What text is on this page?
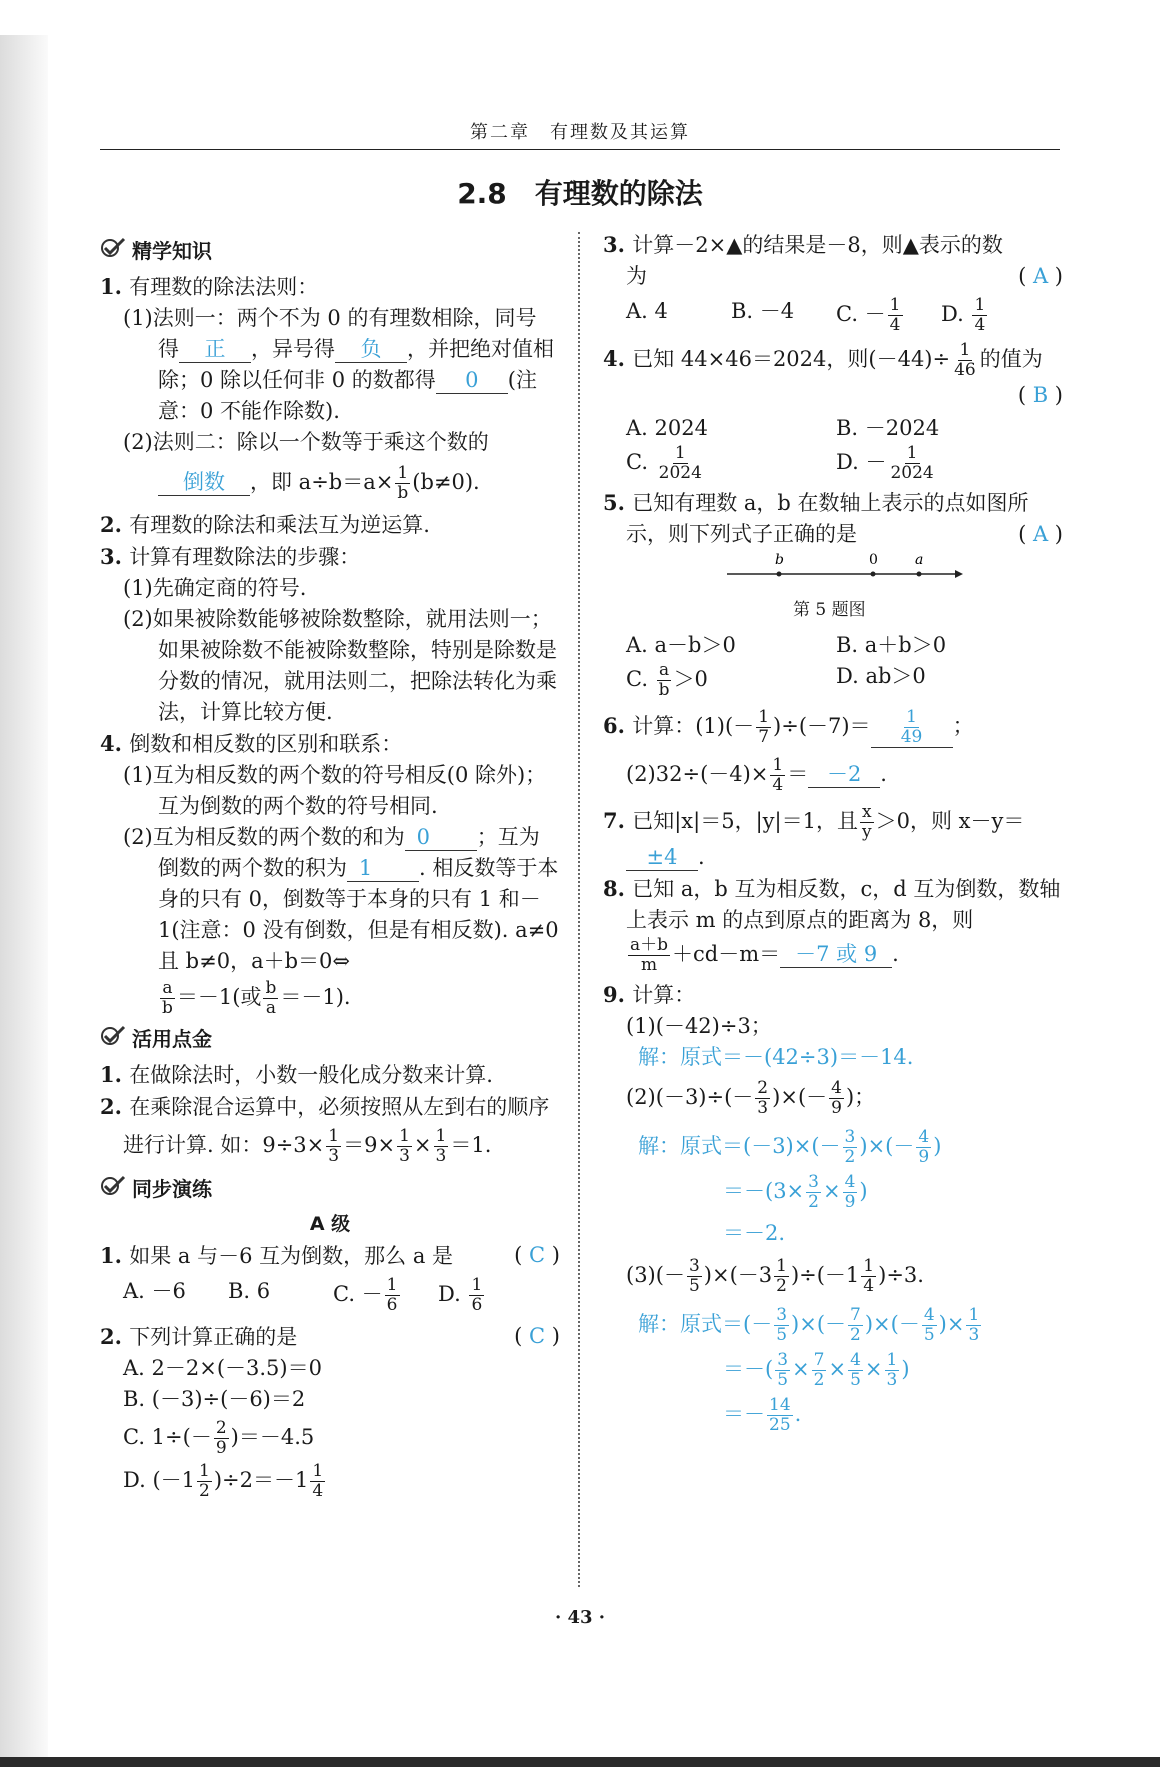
第二章　有理数及其运算
2.8　有理数的除法
· 43 ·
精学知识

1. 有理数的除法法则：

(1)法则一：两个不为 0 的有理数相除，同号

得 正 ，异号得 负 ，并把绝对值相

除；0 除以任何非 0 的数都得 0 (注

意：0 不能作除数).

(2)法则二：除以一个数等于乘这个数的

倒数 ，即 $a\div b=a\times \frac{1}{b} (b\ne 0)$.

2. 有理数的除法和乘法互为逆运算.

3. 计算有理数除法的步骤：

(1)先确定商的符号.

(2)如果被除数能够被除数整除，就用法则一；如果被除数不能被除数整除，特别是除数是分数的情况，就用法则二，把除法转化为乘法，计算比较方便.

4. 倒数和相反数的区别和联系：

(1)互为相反数的两个数的符号相反(0 除外)；互为倒数的两个数的符号相同.

(2)互为相反数的两个数的和为 0 ；互为倒数的两个数的积为 1 . 相反数等于本身的只有 0，倒数等于本身的只有 1 和－1(注意：0 没有倒数，但是有相反数). a≠0 且 b≠0，a＋b＝0⇔

$\frac{a}{b} =-1$(或 $\frac{b}{a} =-1$).

活用点金

1. 在做除法时，小数一般化成分数来计算.

2. 在乘除混合运算中，必须按照从左到右的顺序

进行计算. 如：$9\div 3\times \frac{1}{3} =9\times \frac{1}{3} \times \frac{1}{3} =1$.

同步演练

A 级

1. 如果 a 与－6 互为倒数，那么 a 是	( C )

A. －6	B. 6	C. － $\frac{1}{6} D$. $\frac{1}{6}$

2. 下列计算正确的是	( C )

A. 2－2×(－3.5)＝0

B. (－3)÷(－6)＝2

C. $1\div(- \frac{2}{9} )=-4.5$

D. $(-1 \frac{1}{2} )\div 2=-1 \frac{1}{4}$

3. 计算－2×▲的结果是－8，则▲表示的数

为	( A )

A. 4	B. －4	C. － $\frac{1}{4} D$. $\frac{1}{4}$

4. 已知 44×46＝2024，则$(-44)\div \frac{1}{46}$ 的值为

( B )

A. 2024	B. －2024
C. $\frac{1}{2024}$	D. － $\frac{1}{2024}$

5. 已知有理数 a，b 在数轴上表示的点如图所

示，则下列式子正确的是	( A )

b	0	a

第 5 题图

A. a－b＞0	B. a＋b＞0
C. $\frac{a}{b} >0$	D. ab＞0

6. 计算：$(1)(- \frac{1}{7} )\div(-7)= \frac{1}{49}$ ；

$(2)32\div(-4)\times \frac{1}{4} = -2$ .

7. 已知|x|＝5，|y|＝1，且 $\frac{x}{y} >0$，则 x－y＝

±4 .

8. 已知 a，b 互为相反数，c，d 互为倒数，数轴上表示 m 的点到原点的距离为 8，则

$\frac{a+b}{m} +cd-m= -7$ 或 9 .

9. 计算：

(1)(－42)÷3；

解：原式＝－(42÷3)＝－14.

$(2)(-3)\div(- \frac{2}{3}$ )×(－ $\frac{4}{9}$ )；

解：原式$=(-3)\times(- \frac{3}{2}$ )×(－ $\frac{4}{9}$ )

$=-(3\times \frac{3}{2} \times \frac{4}{9}$ )

＝－2.

$(3)(- \frac{3}{5} )\times(-3 \frac{1}{2} )\div(-1 \frac{1}{4} )\div 3$.

解：原式＝(－ $\frac{3}{5}$ )×(－ $\frac{7}{2}$ )×(－ $\frac{4}{5}$ )× $\frac{1}{3}$

＝－( $\frac{3}{5} \times \frac{7}{2} \times \frac{4}{5} \times \frac{1}{3}$ )

＝－ $\frac{14}{25}$ .
